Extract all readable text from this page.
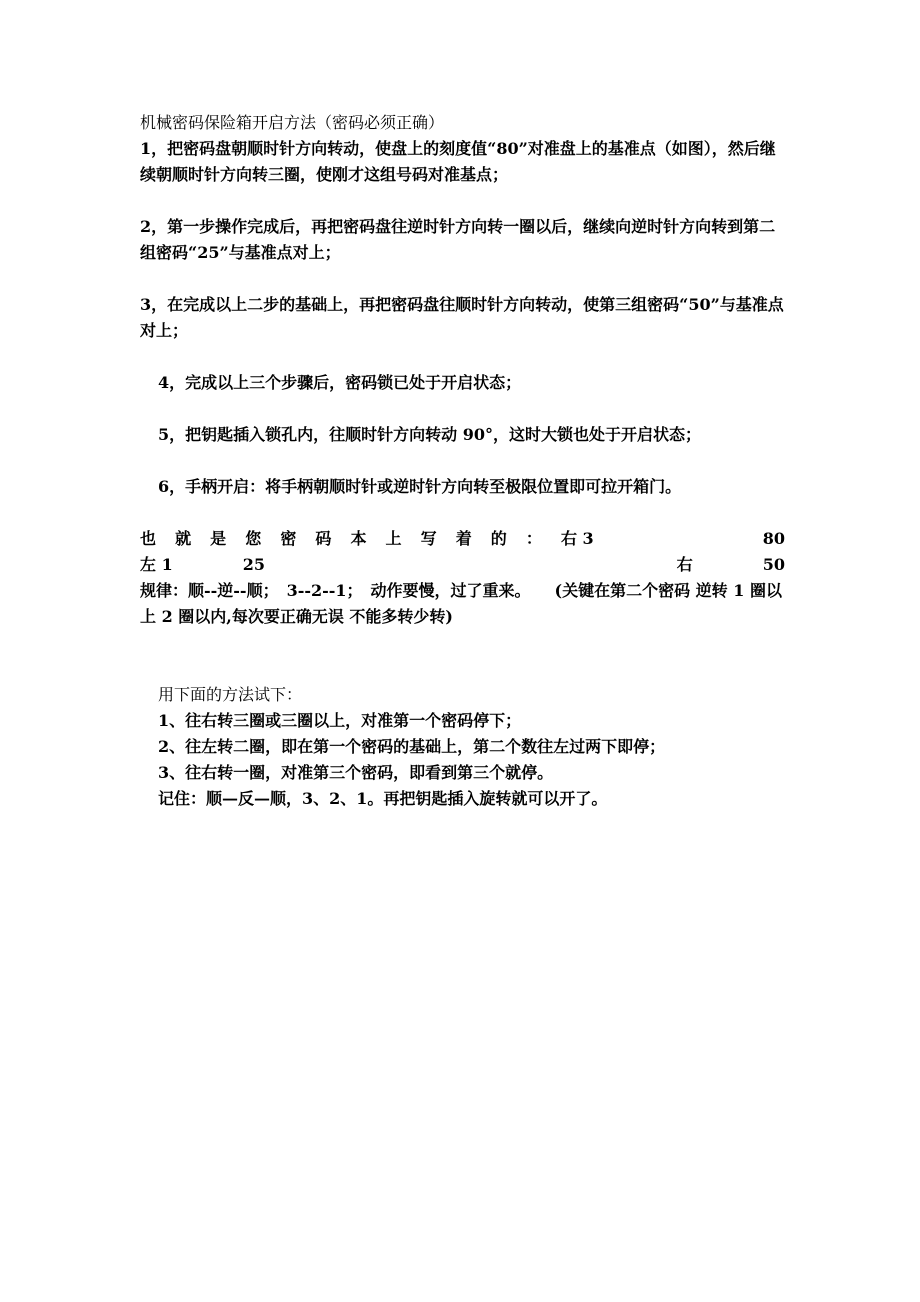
机械密码保险箱开启方法（密码必须正确）

1，把密码盘朝顺时针方向转动，使盘上的刻度值“80”对准盘上的基准点（如图），然后继续朝顺时针方向转三圈，使刚才这组号码对准基点；

2，第一步操作完成后，再把密码盘往逆时针方向转一圈以后，继续向逆时针方向转到第二组密码“25”与基准点对上；

3，在完成以上二步的基础上，再把密码盘往顺时针方向转动，使第三组密码“50”与基准点对上；

4，完成以上三个步骤后，密码锁已处于开启状态；

5，把钥匙插入锁孔内，往顺时针方向转动 90°，这时大锁也处于开启状态；

6，手柄开启：将手柄朝顺时针或逆时针方向转至极限位置即可拉开箱门。

也 就 是 您 密 码 本 上 写 着 的 ： 右 3	80
左 1	25	右	50

规律：顺--逆--顺；　3--2--1；　动作要慢，过了重来。　　(关键在第二个密码 逆转 1 圈以上 2 圈以内,每次要正确无误 不能多转少转)

用下面的方法试下：

1、往右转三圈或三圈以上，对准第一个密码停下；

2、往左转二圈，即在第一个密码的基础上，第二个数往左过两下即停；

3、往右转一圈，对准第三个密码，即看到第三个就停。

记住：顺—反—顺，3、2、1。再把钥匙插入旋转就可以开了。
